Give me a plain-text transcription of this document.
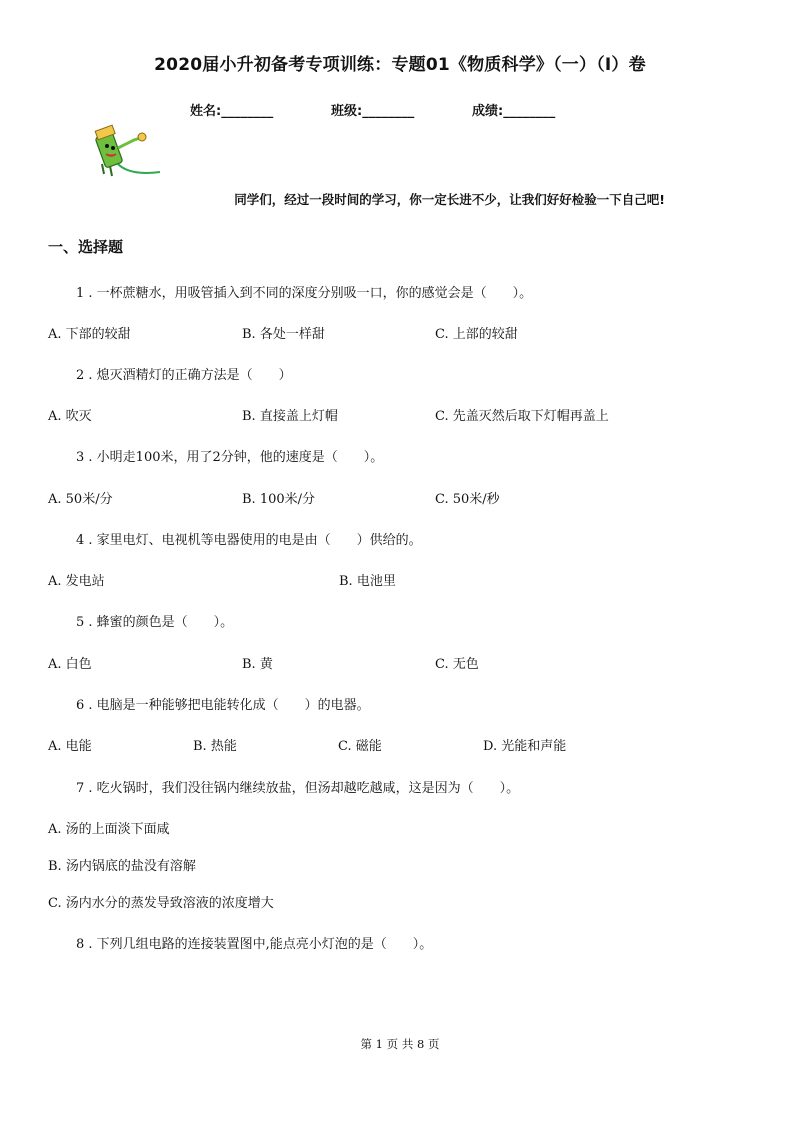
2020届小升初备考专项训练：专题01《物质科学》（一）（I）卷
姓名:________	班级:________	成绩:________
同学们，经过一段时间的学习，你一定长进不少，让我们好好检验一下自己吧!
一、选择题
1 . 一杯蔗糖水，用吸管插入到不同的深度分别吸一口，你的感觉会是（　　）。
A. 下部的较甜	B. 各处一样甜	C. 上部的较甜
2 . 熄灭酒精灯的正确方法是（　　）
A. 吹灭	B. 直接盖上灯帽	C. 先盖灭然后取下灯帽再盖上
3 . 小明走100米，用了2分钟，他的速度是（　　）。
A. 50米/分	B. 100米/分	C. 50米/秒
4 . 家里电灯、电视机等电器使用的电是由（　　）供给的。
A. 发电站	B. 电池里
5 . 蜂蜜的颜色是（　　）。
A. 白色	B. 黄	C. 无色
6 . 电脑是一种能够把电能转化成（　　）的电器。
A. 电能	B. 热能	C. 磁能	D. 光能和声能
7 . 吃火锅时，我们没往锅内继续放盐，但汤却越吃越咸，这是因为（　　）。
A. 汤的上面淡下面咸
B. 汤内锅底的盐没有溶解
C. 汤内水分的蒸发导致溶液的浓度增大
8 . 下列几组电路的连接装置图中,能点亮小灯泡的是（　　）。
第 1 页 共 8 页
